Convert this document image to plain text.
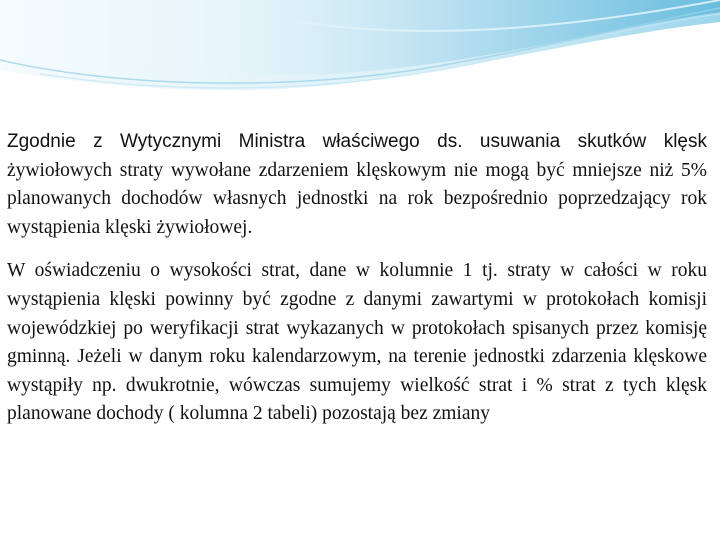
Zgodnie z Wytycznymi Ministra właściwego ds. usuwania skutków klęsk żywiołowych straty wywołane zdarzeniem klęskowym nie mogą być mniejsze niż 5% planowanych dochodów własnych jednostki na rok bezpośrednio poprzedzający rok wystąpienia klęski żywiołowej.

W oświadczeniu o wysokości strat, dane w kolumnie 1 tj. straty w całości w roku wystąpienia klęski powinny być zgodne z danymi zawartymi w protokołach komisji wojewódzkiej po weryfikacji strat wykazanych w protokołach spisanych przez komisję gminną. Jeżeli w danym roku kalendarzowym, na terenie jednostki zdarzenia klęskowe wystąpiły np. dwukrotnie, wówczas sumujemy wielkość strat i % strat z tych klęsk planowane dochody ( kolumna 2 tabeli) pozostają bez zmiany
